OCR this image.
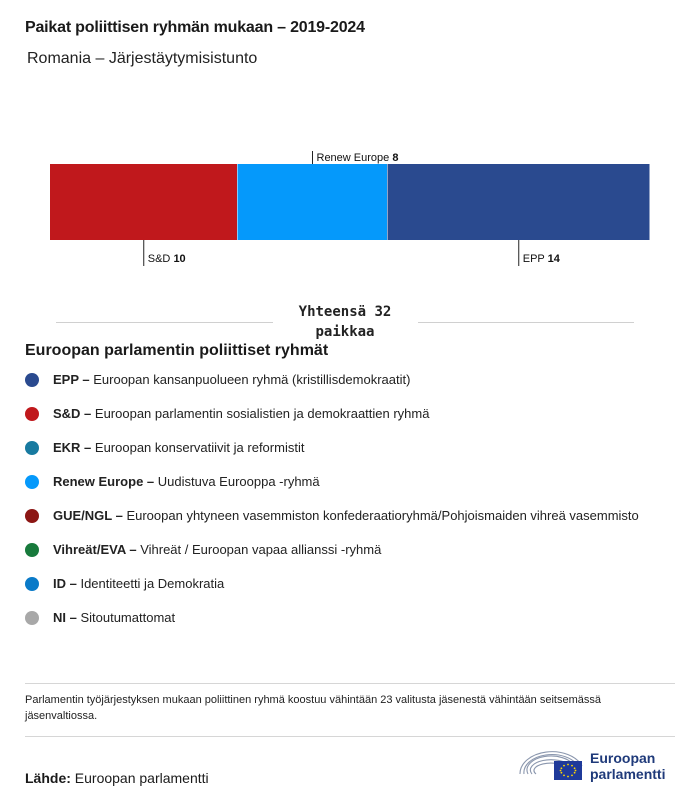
Paikat poliittisen ryhmän mukaan – 2019-2024
Romania – Järjestäytymisistunto
S&D 10
Renew Europe 8
EPP 14
Yhteensä 32 paikkaa
Euroopan parlamentin poliittiset ryhmät
EPP – Euroopan kansanpuolueen ryhmä (kristillisdemokraatit)
S&D – Euroopan parlamentin sosialistien ja demokraattien ryhmä
EKR – Euroopan konservatiivit ja reformistit
Renew Europe – Uudistuva Eurooppa -ryhmä
GUE/NGL – Euroopan yhtyneen vasemmiston konfederaatioryhmä/Pohjoismaiden vihreä vasemmisto
Vihreät/EVA – Vihreät / Euroopan vapaa allianssi -ryhmä
ID – Identiteetti ja Demokratia
NI – Sitoutumattomat
Parlamentin työjärjestyksen mukaan poliittinen ryhmä koostuu vähintään 23 valitusta jäsenestä vähintään seitsemässä jäsenvaltiossa.
Lähde: Euroopan parlamentti
Euroopan
parlamentti
